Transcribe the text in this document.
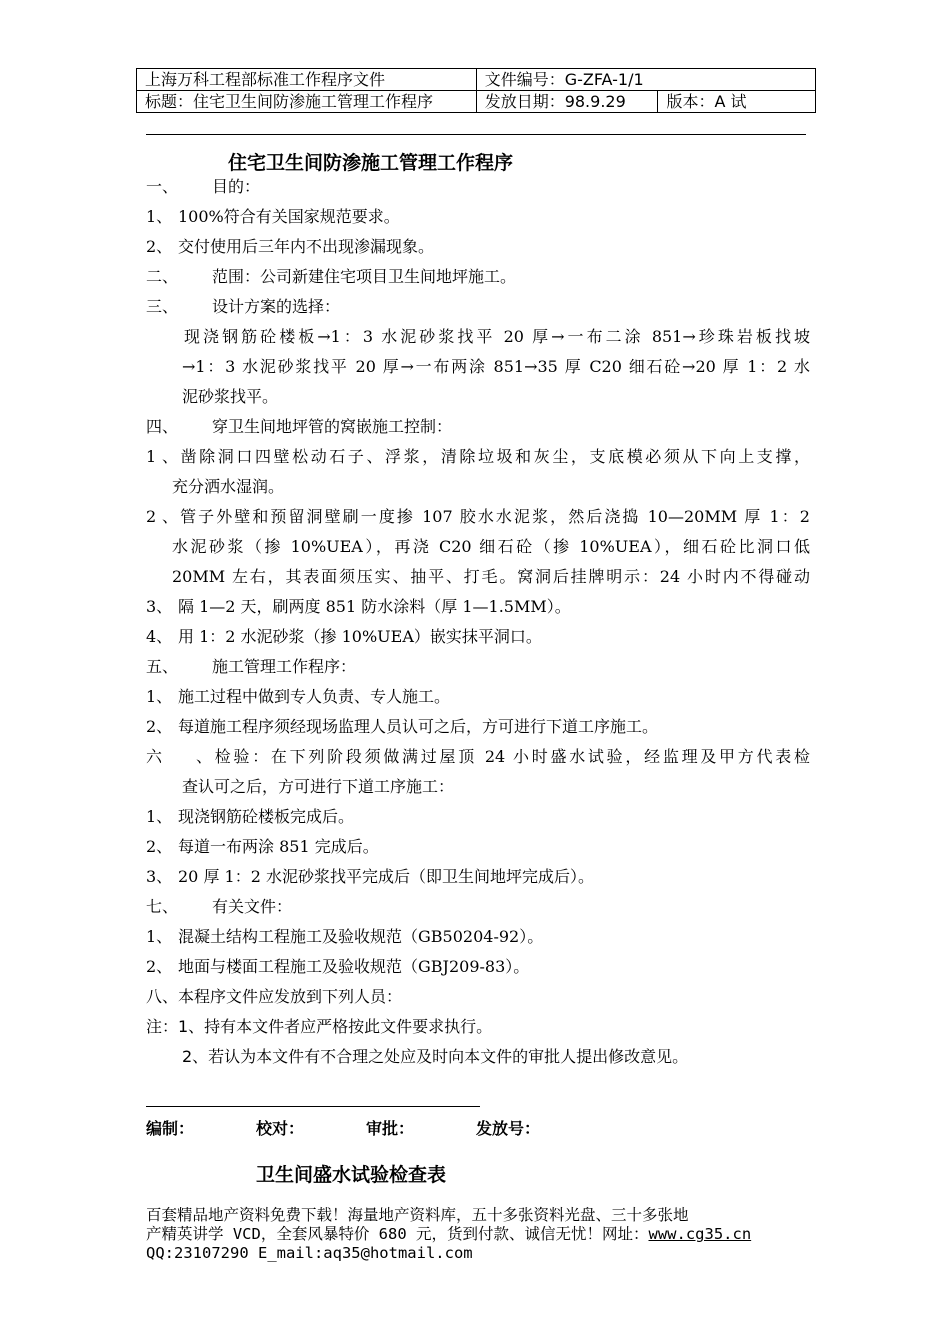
上海万科工程部标准工作程序文件	文件编号：G-ZFA-1/1	
标题：住宅卫生间防渗施工管理工作程序	发放日期：98.9.29	版本：A 试
住宅卫生间防渗施工管理工作程序
一、 目的：
1、 100%符合有关国家规范要求。
2、 交付使用后三年内不出现渗漏现象。
二、 范围：公司新建住宅项目卫生间地坪施工。
三、 设计方案的选择：
现浇钢筋砼楼板→1：3 水泥砂浆找平 20 厚→一布二涂 851→珍珠岩板找坡
→1：3 水泥砂浆找平 20 厚→一布两涂 851→35 厚 C20 细石砼→20 厚 1：2 水
泥砂浆找平。
四、 穿卫生间地坪管的窝嵌施工控制：
1、凿除洞口四壁松动石子、浮浆，清除垃圾和灰尘，支底模必须从下向上支撑，
充分洒水湿润。
2、管子外壁和预留洞壁刷一度掺 107 胶水水泥浆，然后浇捣 10—20MM 厚 1：2
水泥砂浆（掺 10%UEA），再浇 C20 细石砼（掺 10%UEA），细石砼比洞口低
20MM 左右，其表面须压实、抽平、打毛。窝洞后挂牌明示：24 小时内不得碰动
3、 隔 1—2 天，刷两度 851 防水涂料（厚 1—1.5MM）。
4、 用 1：2 水泥砂浆（掺 10%UEA）嵌实抹平洞口。
五、 施工管理工作程序：
1、 施工过程中做到专人负责、专人施工。
2、 每道施工程序须经现场监理人员认可之后，方可进行下道工序施工。
六、检验：在下列阶段须做满过屋顶 24 小时盛水试验，经监理及甲方代表检
查认可之后，方可进行下道工序施工：
1、 现浇钢筋砼楼板完成后。
2、 每道一布两涂 851 完成后。
3、 20 厚 1：2 水泥砂浆找平完成后（即卫生间地坪完成后）。
七、 有关文件：
1、 混凝土结构工程施工及验收规范（GB50204-92）。
2、 地面与楼面工程施工及验收规范（GBJ209-83）。
八、本程序文件应发放到下列人员：
注：1、持有本文件者应严格按此文件要求执行。
2、若认为本文件有不合理之处应及时向本文件的审批人提出修改意见。
编制：	校对：	审批：	发放号：
卫生间盛水试验检查表
百套精品地产资料免费下载！海量地产资料库，五十多张资料光盘、三十多张地
产精英讲学 VCD，全套风暴特价 680 元，货到付款、诚信无忧！网址：www.cg35.cn
QQ:23107290 E_mail:aq35@hotmail.com
